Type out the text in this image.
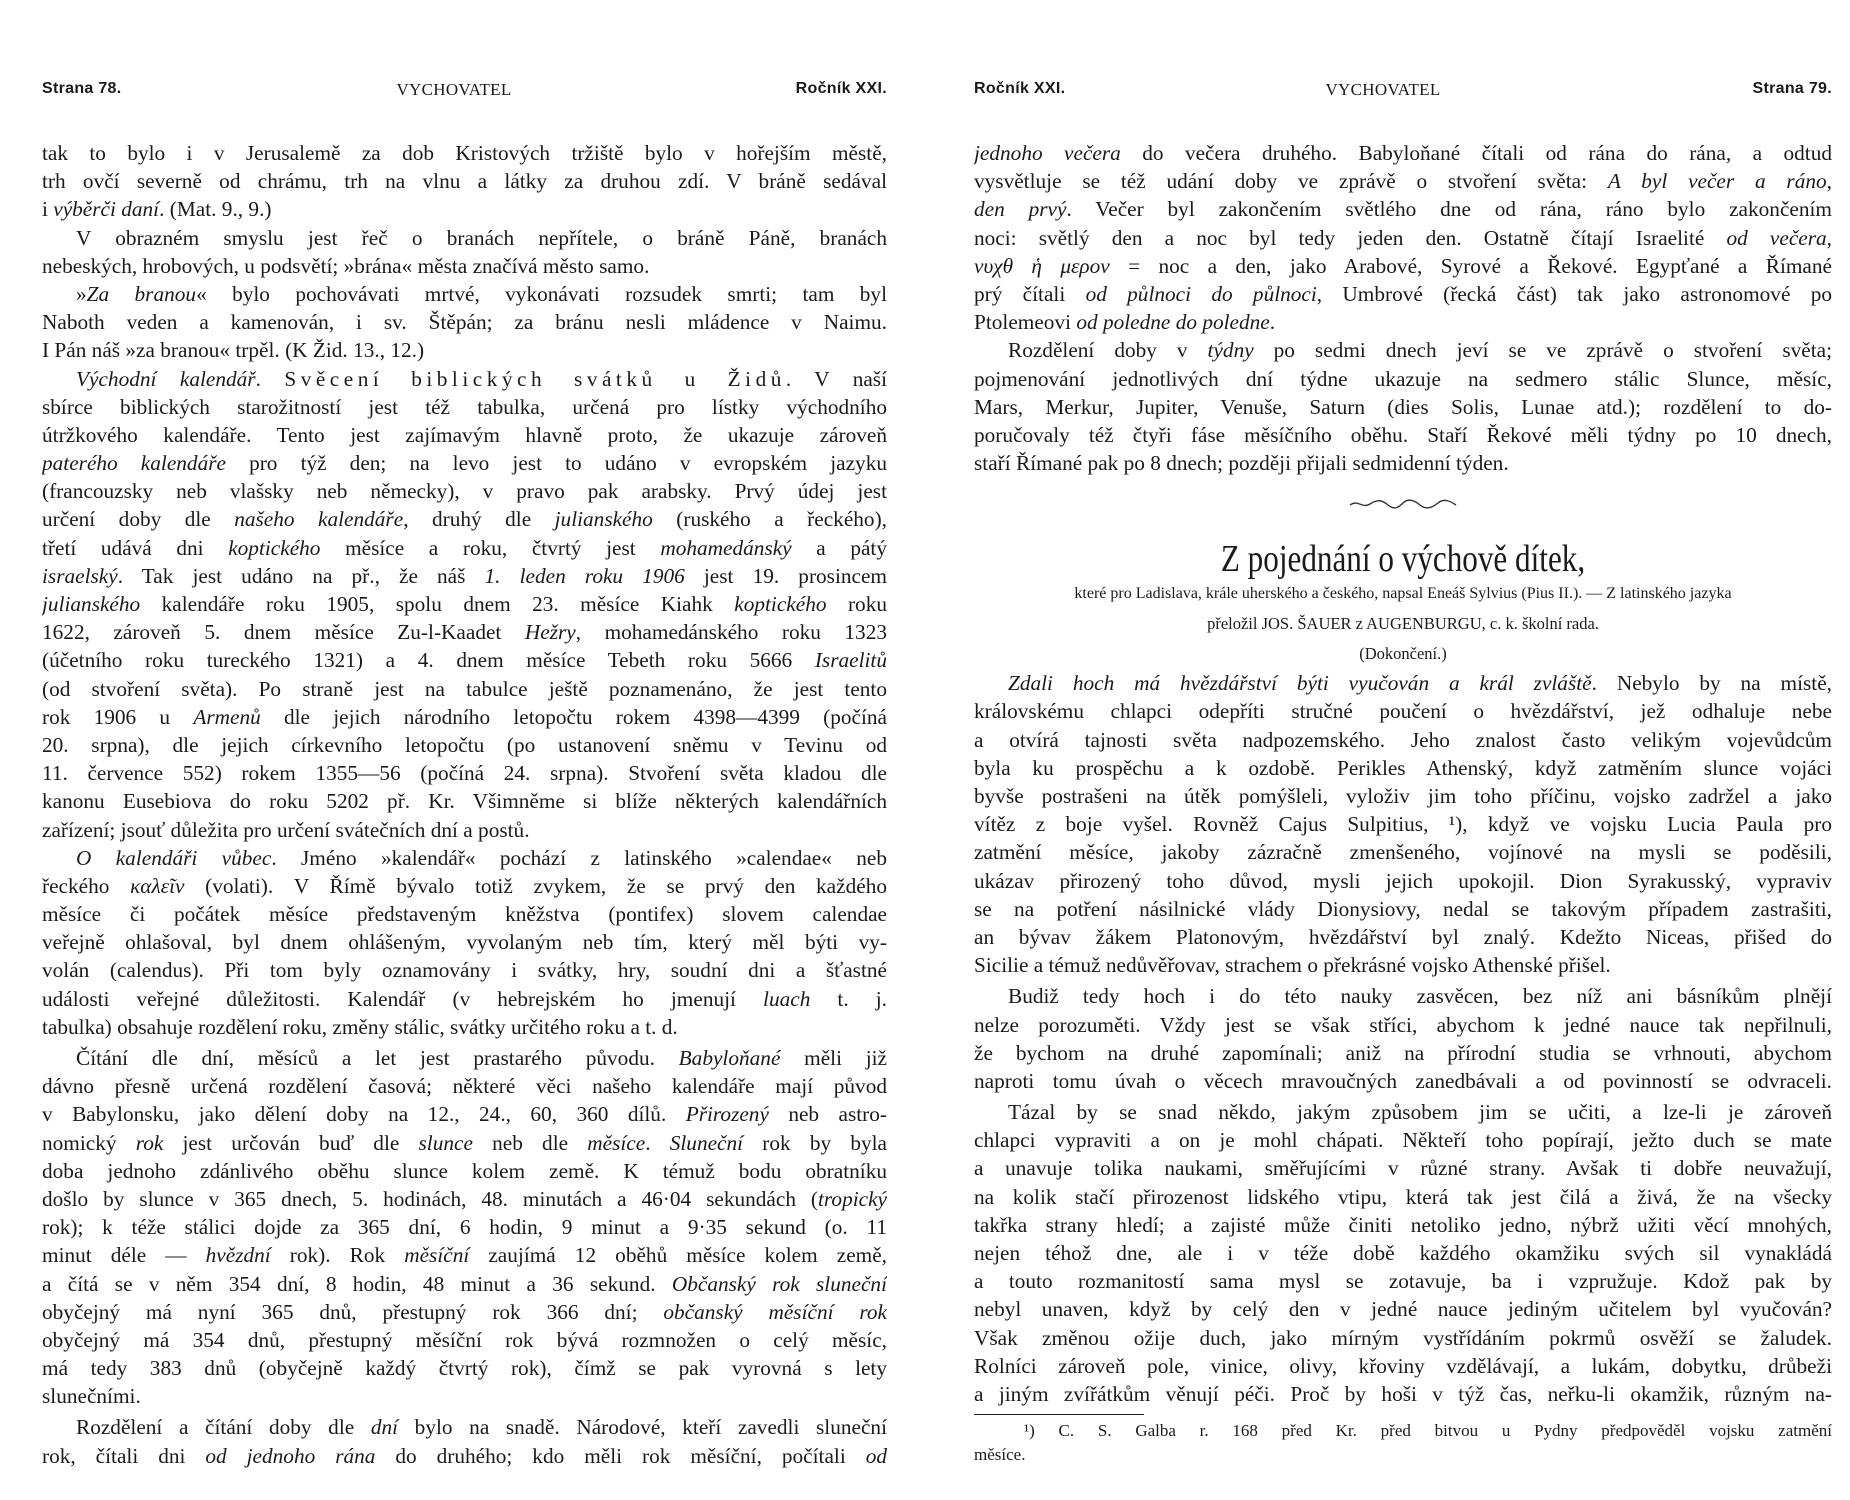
Strana 78.	VYCHOVATEL	Ročník XXI.	Ročník XXI.	VYCHOVATEL	Strana 79.
tak to bylo i v Jerusalemě za dob Kristových tržiště bylo v hořejším městě,
trh ovčí severně od chrámu, trh na vlnu a látky za druhou zdí. V bráně sedával
i výběrči daní. (Mat. 9., 9.)
V obrazném smyslu jest řeč o branách nepřítele, o bráně Páně, branách
nebeských, hrobových, u podsvětí; »brána« města značívá město samo.
»Za branou« bylo pochovávati mrtvé, vykonávati rozsudek smrti; tam byl
Naboth veden a kamenován, i sv. Štěpán; za bránu nesli mládence v Naimu.
I Pán náš »za branou« trpěl. (K Žid. 13., 12.)
Východní kalendář. Svěcení biblických svátků u Židů. V naší
sbírce biblických starožitností jest též tabulka, určená pro lístky východního
útržkového kalendáře. Tento jest zajímavým hlavně proto, že ukazuje zároveň
paterého kalendáře pro týž den; na levo jest to udáno v evropském jazyku
(francouzsky neb vlašsky neb německy), v pravo pak arabsky. Prvý údej jest
určení doby dle našeho kalendáře, druhý dle julianského (ruského a řeckého),
třetí udává dni koptického měsíce a roku, čtvrtý jest mohamedánský a pátý
israelský. Tak jest udáno na př., že náš 1. leden roku 1906 jest 19. prosincem
julianského kalendáře roku 1905, spolu dnem 23. měsíce Kiahk koptického roku
1622, zároveň 5. dnem měsíce Zu-l-Kaadet Hežry, mohamedánského roku 1323
(účetního roku tureckého 1321) a 4. dnem měsíce Tebeth roku 5666 Israelitů
(od stvoření světa). Po straně jest na tabulce ještě poznamenáno, že jest tento
rok 1906 u Armenů dle jejich národního letopočtu rokem 4398—4399 (počíná
20. srpna), dle jejich církevního letopočtu (po ustanovení sněmu v Tevinu od
11. července 552) rokem 1355—56 (počíná 24. srpna). Stvoření světa kladou dle
kanonu Eusebiova do roku 5202 př. Kr. Všimněme si blíže některých kalendářních
zařízení; jsouť důležita pro určení svátečních dní a postů.
O kalendáři vůbec. Jméno »kalendář« pochází z latinského »calendae« neb
řeckého καλεῖν (volati). V Římě bývalo totiž zvykem, že se prvý den každého
měsíce či počátek měsíce představeným kněžstva (pontifex) slovem calendae
veřejně ohlašoval, byl dnem ohlášeným, vyvolaným neb tím, který měl býti vy-
volán (calendus). Při tom byly oznamovány i svátky, hry, soudní dni a šťastné
události veřejné důležitosti. Kalendář (v hebrejském ho jmenují luach t. j.
tabulka) obsahuje rozdělení roku, změny stálic, svátky určitého roku a t. d.
Čítání dle dní, měsíců a let jest prastarého původu. Babyloňané měli již
dávno přesně určená rozdělení časová; některé věci našeho kalendáře mají původ
v Babylonsku, jako dělení doby na 12., 24., 60, 360 dílů. Přirozený neb astro-
nomický rok jest určován buď dle slunce neb dle měsíce. Sluneční rok by byla
doba jednoho zdánlivého oběhu slunce kolem země. K témuž bodu obratníku
došlo by slunce v 365 dnech, 5. hodinách, 48. minutách a 46·04 sekundách (tropický
rok); k téže stálici dojde za 365 dní, 6 hodin, 9 minut a 9·35 sekund (o. 11
minut déle — hvězdní rok). Rok měsíční zaujímá 12 oběhů měsíce kolem země,
a čítá se v něm 354 dní, 8 hodin, 48 minut a 36 sekund. Občanský rok sluneční
obyčejný má nyní 365 dnů, přestupný rok 366 dní; občanský měsíční rok
obyčejný má 354 dnů, přestupný měsíční rok bývá rozmnožen o celý měsíc,
má tedy 383 dnů (obyčejně každý čtvrtý rok), čímž se pak vyrovná s lety
slunečními.
Rozdělení a čítání doby dle dní bylo na snadě. Národové, kteří zavedli sluneční
rok, čítali dni od jednoho rána do druhého; kdo měli rok měsíční, počítali od
jednoho večera do večera druhého. Babyloňané čítali od rána do rána, a odtud
vysvětluje se též udání doby ve zprávě o stvoření světa: A byl večer a ráno,
den prvý. Večer byl zakončením světlého dne od rána, ráno bylo zakončením
noci: světlý den a noc byl tedy jeden den. Ostatně čítají Israelité od večera,
νυχθ ἡ μερον = noc a den, jako Arabové, Syrové a Řekové. Egypťané a Římané
prý čítali od půlnoci do půlnoci, Umbrové (řecká část) tak jako astronomové po
Ptolemeovi od poledne do poledne.
Rozdělení doby v týdny po sedmi dnech jeví se ve zprávě o stvoření světa;
pojmenování jednotlivých dní týdne ukazuje na sedmero stálic Slunce, měsíc,
Mars, Merkur, Jupiter, Venuše, Saturn (dies Solis, Lunae atd.); rozdělení to do-
poručovaly též čtyři fáse měsíčního oběhu. Staří Řekové měli týdny po 10 dnech,
staří Římané pak po 8 dnech; později přijali sedmidenní týden.
Z pojednání o výchově dítek,
které pro Ladislava, krále uherského a českého, napsal Eneáš Sylvius (Pius II.). — Z latinského jazyka
přeložil JOS. ŠAUER z AUGENBURGU, c. k. školní rada.
(Dokončení.)
Zdali hoch má hvězdářství býti vyučován a král zvláště. Nebylo by na místě,
královskému chlapci odepříti stručné poučení o hvězdářství, jež odhaluje nebe
a otvírá tajnosti světa nadpozemského. Jeho znalost často velikým vojevůdcům
byla ku prospěchu a k ozdobě. Perikles Athenský, když zatměním slunce vojáci
byvše postrašeni na útěk pomýšleli, vyloživ jim toho příčinu, vojsko zadržel a jako
vítěz z boje vyšel. Rovněž Cajus Sulpitius, ¹), když ve vojsku Lucia Paula pro
zatmění měsíce, jakoby zázračně zmenšeného, vojínové na mysli se poděsili,
ukázav přirozený toho důvod, mysli jejich upokojil. Dion Syrakusský, vypraviv
se na potření násilnické vlády Dionysiovy, nedal se takovým případem zastrašiti,
an bývav žákem Platonovým, hvězdářství byl znalý. Kdežto Niceas, přišed do
Sicilie a témuž nedůvěřovav, strachem o překrásné vojsko Athenské přišel.
Budiž tedy hoch i do této nauky zasvěcen, bez níž ani básníkům plnějí
nelze porozuměti. Vždy jest se však stříci, abychom k jedné nauce tak nepřilnuli,
že bychom na druhé zapomínali; aniž na přírodní studia se vrhnouti, abychom
naproti tomu úvah o věcech mravoučných zanedbávali a od povinností se odvraceli.
Tázal by se snad někdo, jakým způsobem jim se učiti, a lze-li je zároveň
chlapci vypraviti a on je mohl chápati. Někteří toho popírají, ježto duch se mate
a unavuje tolika naukami, směřujícími v různé strany. Avšak ti dobře neuvažují,
na kolik stačí přirozenost lidského vtipu, která tak jest čilá a živá, že na všecky
takřka strany hledí; a zajisté může činiti netoliko jedno, nýbrž užiti věcí mnohých,
nejen téhož dne, ale i v téže době každého okamžiku svých sil vynakládá
a touto rozmanitostí sama mysl se zotavuje, ba i vzpružuje. Kdož pak by
nebyl unaven, když by celý den v jedné nauce jediným učitelem byl vyučován?
Však změnou ožije duch, jako mírným vystřídáním pokrmů osvěží se žaludek.
Rolníci zároveň pole, vinice, olivy, křoviny vzdělávají, a lukám, dobytku, drůbeži
a jiným zvířátkům věnují péči. Proč by hoši v týž čas, neřku-li okamžik, různým na-
¹) C. S. Galba r. 168 před Kr. před bitvou u Pydny předpověděl vojsku zatmění
měsíce.
